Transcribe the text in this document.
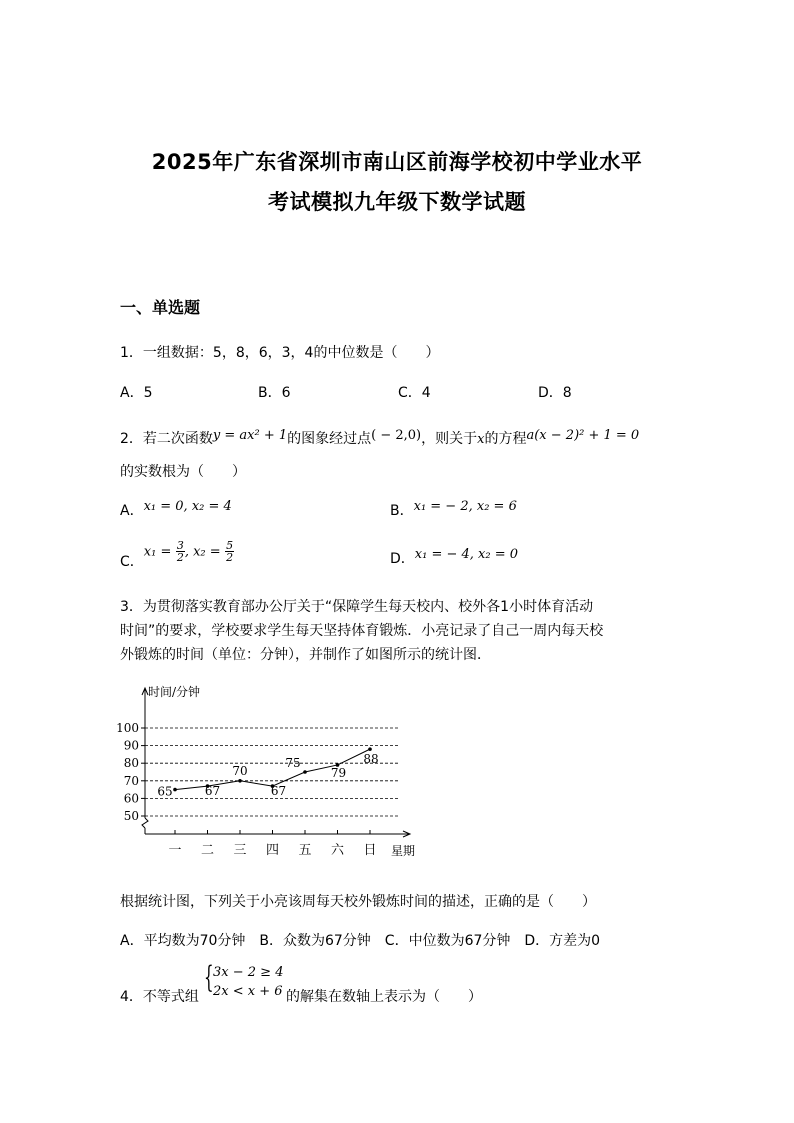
2025年广东省深圳市南山区前海学校初中学业水平
考试模拟九年级下数学试题
一、单选题
1．一组数据：5，8，6，3，4的中位数是（　　）
A．5	B．6	C．4	D．8
2．若二次函数y = ax² + 1的图象经过点( − 2,0)，则关于x的方程a(x − 2)² + 1 = 0
的实数根为（　　）
A．x₁ = 0, x₂ = 4	B．x₁ = − 2, x₂ = 6
C．$x_1 = \frac{3}{2}$ , $x_2 = \frac{5}{2}$	D．x₁ = − 4, x₂ = 0
3．为贯彻落实教育部办公厅关于“保障学生每天校内、校外各1小时体育活动
时间”的要求，学校要求学生每天坚持体育锻炼．小亮记录了自己一周内每天校
外锻炼的时间（单位：分钟），并制作了如图所示的统计图．
50
60
70
80
90
100
时间/分钟
星期
一 二 三 四 五 六 日
65	67
70
67
75
79
88
根据统计图，下列关于小亮该周每天校外锻炼时间的描述，正确的是（　　）
A．平均数为70分钟　B．众数为67分钟　C．中位数为67分钟　D．方差为0
4．不等式组
{ 3x − 2 ≥ 4
2x < x + 6 的解集在数轴上表示为（　　）
